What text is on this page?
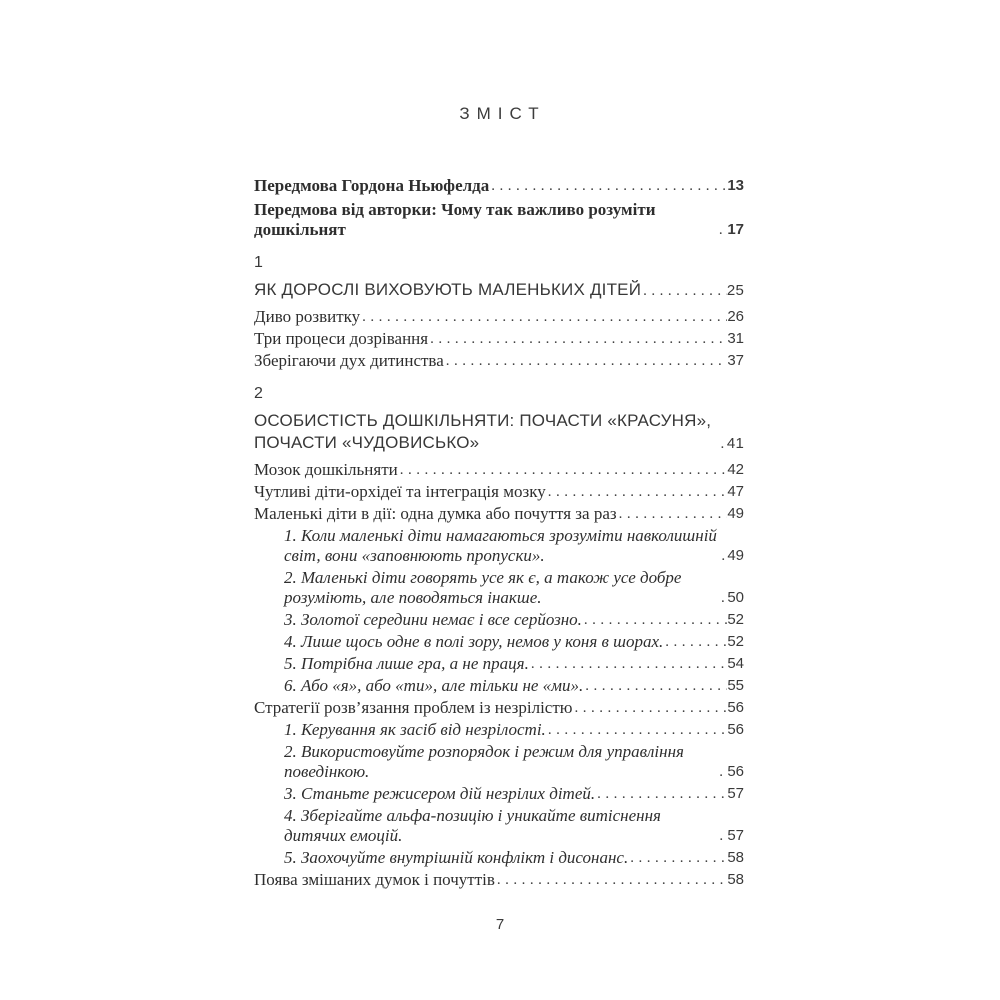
ЗМІСТ
Передмова Гордона Ньюфелда .....	13
Передмова від авторки: Чому так важливо розуміти дошкільнят .....	17
1
ЯК ДОРОСЛІ ВИХОВУЮТЬ МАЛЕНЬКИХ ДІТЕЙ .....	25
Диво розвитку .....	26
Три процеси дозрівання .....	31
Зберігаючи дух дитинства .....	37
2
ОСОБИСТІСТЬ ДОШКІЛЬНЯТИ: ПОЧАСТИ «КРАСУНЯ», ПОЧАСТИ «ЧУДОВИСЬКО» .....	41
Мозок дошкільняти .....	42
Чутливі діти-орхідеї та інтеграція мозку .....	47
Маленькі діти в дії: одна думка або почуття за раз .....	49
1. Коли маленькі діти намагаються зрозуміти навколишній світ, вони «заповнюють пропуски». .....	49
2. Маленькі діти говорять усе як є, а також усе добре розуміють, але поводяться інакше. .....	50
3. Золотої середини немає і все серйозно. .....	52
4. Лише щось одне в полі зору, немов у коня в шорах. .....	52
5. Потрібна лише гра, а не праця. .....	54
6. Або «я», або «ти», але тільки не «ми». .....	55
Стратегії розв’язання проблем із незрілістю .....	56
1. Керування як засіб від незрілості. .....	56
2. Використовуйте розпорядок і режим для управління поведінкою. .....	56
3. Станьте режисером дій незрілих дітей. .....	57
4. Зберігайте альфа-позицію і уникайте витіснення дитячих емоцій. .....	57
5. Заохочуйте внутрішній конфлікт і дисонанс. .....	58
Поява змішаних думок і почуттів .....	58
7
